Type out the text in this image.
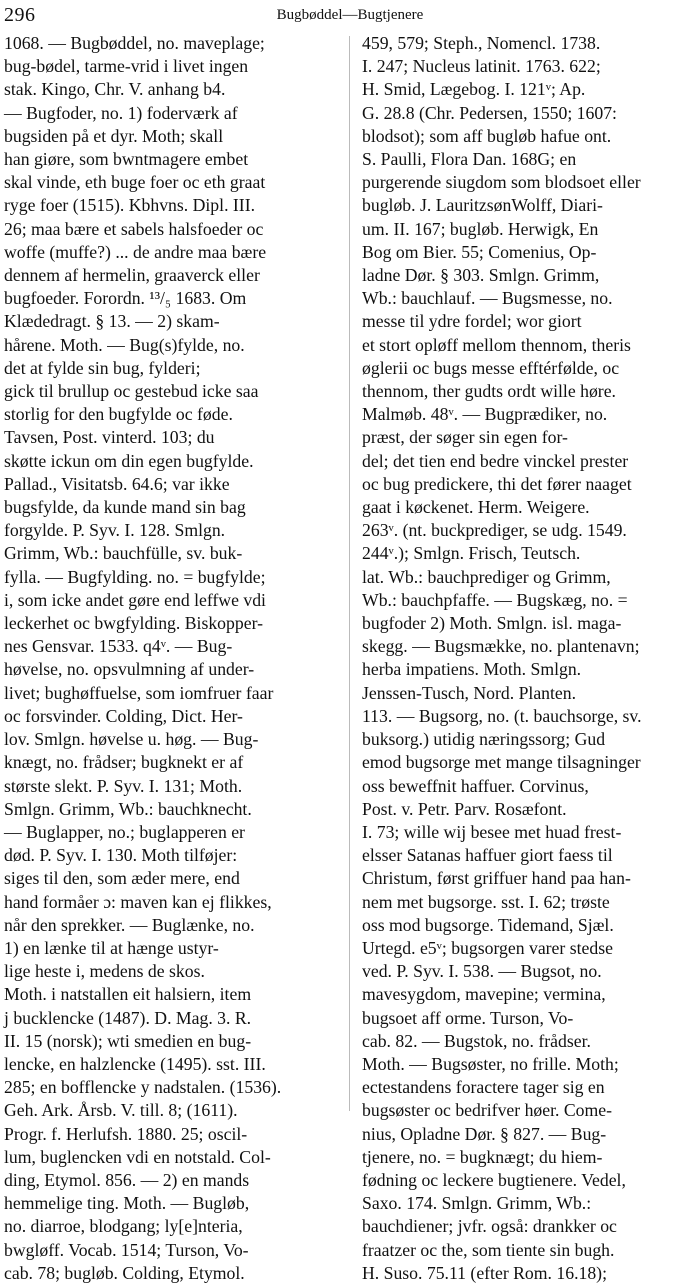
296	Bugbøddel—Bugtjenere

1068. — Bugbøddel, no. maveplage;
bug-bødel, tarme-vrid i livet ingen
stak. Kingo, Chr. V. anhang b4.
— Bugfoder, no. 1) foderværk af
bugsiden på et dyr. Moth; skall
han giøre, som bwntmagere embet
skal vinde, eth buge foer oc eth graat
ryge foer (1515). Kbhvns. Dipl. III.
26; maa bære et sabels halsfoeder oc
woffe (muffe?) ... de andre maa bære
dennem af hermelin, graaverck eller
bugfoeder. Forordn. ¹³/₅ 1683. Om
Klædedragt. § 13. — 2) skam-
hårene. Moth. — Bug(s)fylde, no.
det at fylde sin bug, fylderi;
gick til brullup oc gestebud icke saa
storlig for den bugfylde oc føde.
Tavsen, Post. vinterd. 103; du
skøtte ickun om din egen bugfylde.
Pallad., Visitatsb. 64.6; var ikke
bugsfylde, da kunde mand sin bag
forgylde. P. Syv. I. 128. Smlgn.
Grimm, Wb.: bauchfülle, sv. buk-
fylla. — Bugfylding. no. = bugfylde;
i, som icke andet gøre end leffwe vdi
leckerhet oc bwgfylding. Biskopper-
nes Gensvar. 1533. q4ᵛ. — Bug-
høvelse, no. opsvulmning af under-
livet; bughøffuelse, som iomfruer faar
oc forsvinder. Colding, Dict. Her-
lov. Smlgn. høvelse u. høg. — Bug-
knægt, no. frådser; bugknekt er af
største slekt. P. Syv. I. 131; Moth.
Smlgn. Grimm, Wb.: bauchknecht.
— Buglapper, no.; buglapperen er
død. P. Syv. I. 130. Moth tilføjer:
siges til den, som æder mere, end
hand formåer ɔ: maven kan ej flikkes,
når den sprekker. — Buglænke, no.
1) en lænke til at hænge ustyr-
lige heste i, medens de skos.
Moth. i natstallen eit halsiern, item
j bucklencke (1487). D. Mag. 3. R.
II. 15 (norsk); wti smedien en bug-
lencke, en halzlencke (1495). sst. III.
285; en bofflencke y nadstalen. (1536).
Geh. Ark. Årsb. V. till. 8; (1611).
Progr. f. Herlufsh. 1880. 25; oscil-
lum, buglencken vdi en notstald. Col-
ding, Etymol. 856. — 2) en mands
hemmelige ting. Moth. — Bugløb,
no. diarroe, blodgang; ly[e]nteria,
bwgløff. Vocab. 1514; Turson, Vo-
cab. 78; bugløb. Colding, Etymol.

459, 579; Steph., Nomencl. 1738.
I. 247; Nucleus latinit. 1763. 622;
H. Smid, Lægebog. I. 121ᵛ; Ap.
G. 28.8 (Chr. Pedersen, 1550; 1607:
blodsot); som aff bugløb hafue ont.
S. Paulli, Flora Dan. 168G; en
purgerende siugdom som blodsoet eller
bugløb. J. LauritzsønWolff, Diari-
um. II. 167; bugløb. Herwigk, En
Bog om Bier. 55; Comenius, Op-
ladne Dør. § 303. Smlgn. Grimm,
Wb.: bauchlauf. — Bugsmesse, no.
messe til ydre fordel; wor giort
et stort opløff mellom thennom, theris
øglerii oc bugs messe efftérfølde, oc
thennom, ther gudts ordt wille høre.
Malmøb. 48ᵛ. — Bugprædiker, no.
præst, der søger sin egen for-
del; det tien end bedre vinckel prester
oc bug predickere, thi det fører naaget
gaat i køckenet. Herm. Weigere.
263ᵛ. (nt. buckprediger, se udg. 1549.
244ᵛ.); Smlgn. Frisch, Teutsch.
lat. Wb.: bauchprediger og Grimm,
Wb.: bauchpfaffe. — Bugskæg, no. =
bugfoder 2) Moth. Smlgn. isl. maga-
skegg. — Bugsmække, no. plantenavn;
herba impatiens. Moth. Smlgn.
Jenssen-Tusch, Nord. Planten.
113. — Bugsorg, no. (t. bauchsorge, sv.
buksorg.) utidig næringssorg; Gud
emod bugsorge met mange tilsagninger
oss beweffnit haffuer. Corvinus,
Post. v. Petr. Parv. Rosæfont.
I. 73; wille wij besee met huad frest-
elsser Satanas haffuer giort faess til
Christum, først griffuer hand paa han-
nem met bugsorge. sst. I. 62; trøste
oss mod bugsorge. Tidemand, Sjæl.
Urtegd. e5ᵛ; bugsorgen varer stedse
ved. P. Syv. I. 538. — Bugsot, no.
mavesygdom, mavepine; vermina,
bugsoet aff orme. Turson, Vo-
cab. 82. — Bugstok, no. frådser.
Moth. — Bugsøster, no frille. Moth;
ectestandens foractere tager sig en
bugsøster oc bedrifver høer. Come-
nius, Opladne Dør. § 827. — Bug-
tjenere, no. = bugknægt; du hiem-
fødning oc leckere bugtienere. Vedel,
Saxo. 174. Smlgn. Grimm, Wb.:
bauchdiener; jvfr. også: drankker oc
fraatzer oc the, som tiente sin bugh.
H. Suso. 75.11 (efter Rom. 16.18);
